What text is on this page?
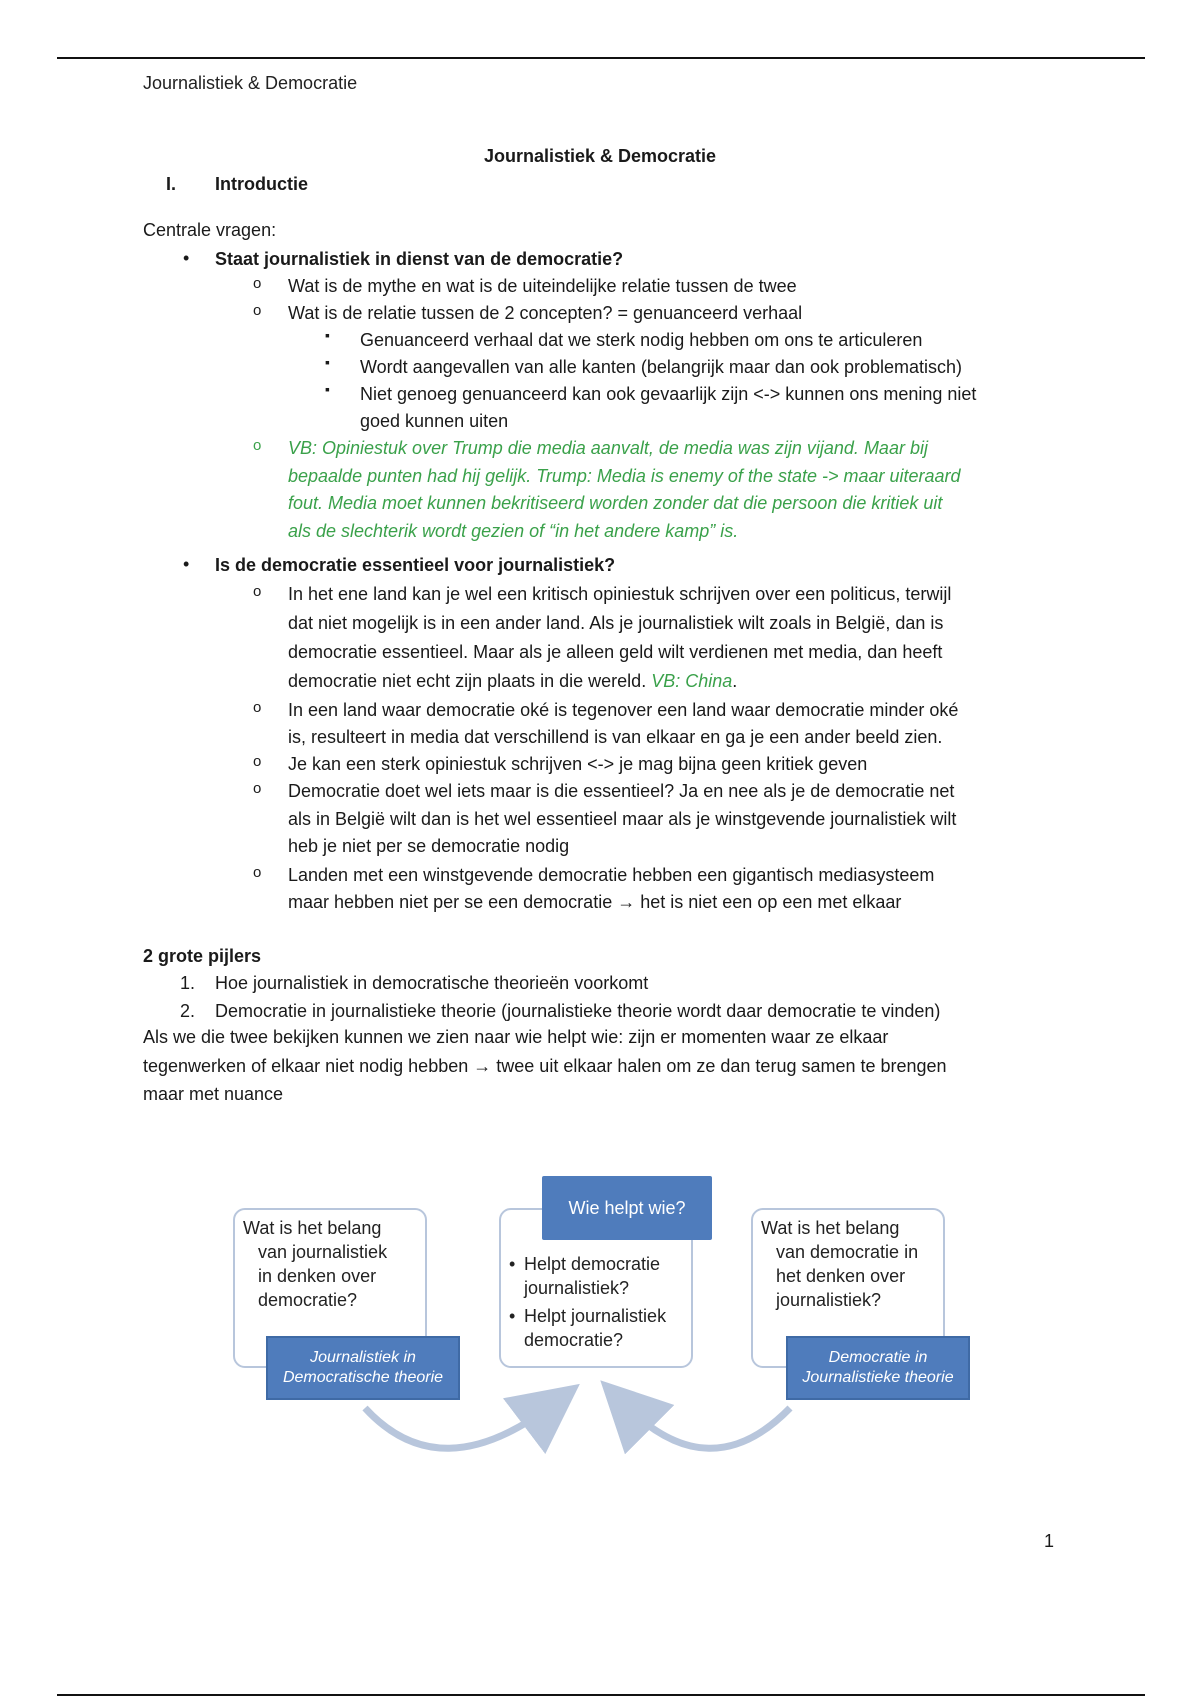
Journalistiek & Democratie
Journalistiek & Democratie
I. Introductie
Centrale vragen:
• Staat journalistiek in dienst van de democratie?
o Wat is de mythe en wat is de uiteindelijke relatie tussen de twee
o Wat is de relatie tussen de 2 concepten? = genuanceerd verhaal
▪ Genuanceerd verhaal dat we sterk nodig hebben om ons te articuleren
▪ Wordt aangevallen van alle kanten (belangrijk maar dan ook problematisch)
▪ Niet genoeg genuanceerd kan ook gevaarlijk zijn <-> kunnen ons mening niet
goed kunnen uiten
o VB: Opiniestuk over Trump die media aanvalt, de media was zijn vijand. Maar bij
bepaalde punten had hij gelijk. Trump: Media is enemy of the state -> maar uiteraard
fout. Media moet kunnen bekritiseerd worden zonder dat die persoon die kritiek uit
als de slechterik wordt gezien of “in het andere kamp” is.
• Is de democratie essentieel voor journalistiek?
o In het ene land kan je wel een kritisch opiniestuk schrijven over een politicus, terwijl
dat niet mogelijk is in een ander land. Als je journalistiek wilt zoals in België, dan is
democratie essentieel. Maar als je alleen geld wilt verdienen met media, dan heeft
democratie niet echt zijn plaats in die wereld. VB: China.
o In een land waar democratie oké is tegenover een land waar democratie minder oké
is, resulteert in media dat verschillend is van elkaar en ga je een ander beeld zien.
o Je kan een sterk opiniestuk schrijven <-> je mag bijna geen kritiek geven
o Democratie doet wel iets maar is die essentieel? Ja en nee als je de democratie net
als in België wilt dan is het wel essentieel maar als je winstgevende journalistiek wilt
heb je niet per se democratie nodig
o Landen met een winstgevende democratie hebben een gigantisch mediasysteem
maar hebben niet per se een democratie → het is niet een op een met elkaar
2 grote pijlers
1. Hoe journalistiek in democratische theorieën voorkomt
2. Democratie in journalistieke theorie (journalistieke theorie wordt daar democratie te vinden)
Als we die twee bekijken kunnen we zien naar wie helpt wie: zijn er momenten waar ze elkaar
tegenwerken of elkaar niet nodig hebben → twee uit elkaar halen om ze dan terug samen te brengen
maar met nuance
Wat is het belang
van journalistiek
in denken over
democratie?
Journalistiek in
Democratische theorie
• Helpt democratie
journalistiek?
• Helpt journalistiek
democratie?
Wie helpt wie?
Wat is het belang
van democratie in
het denken over
journalistiek?
Democratie in
Journalistieke theorie
1
